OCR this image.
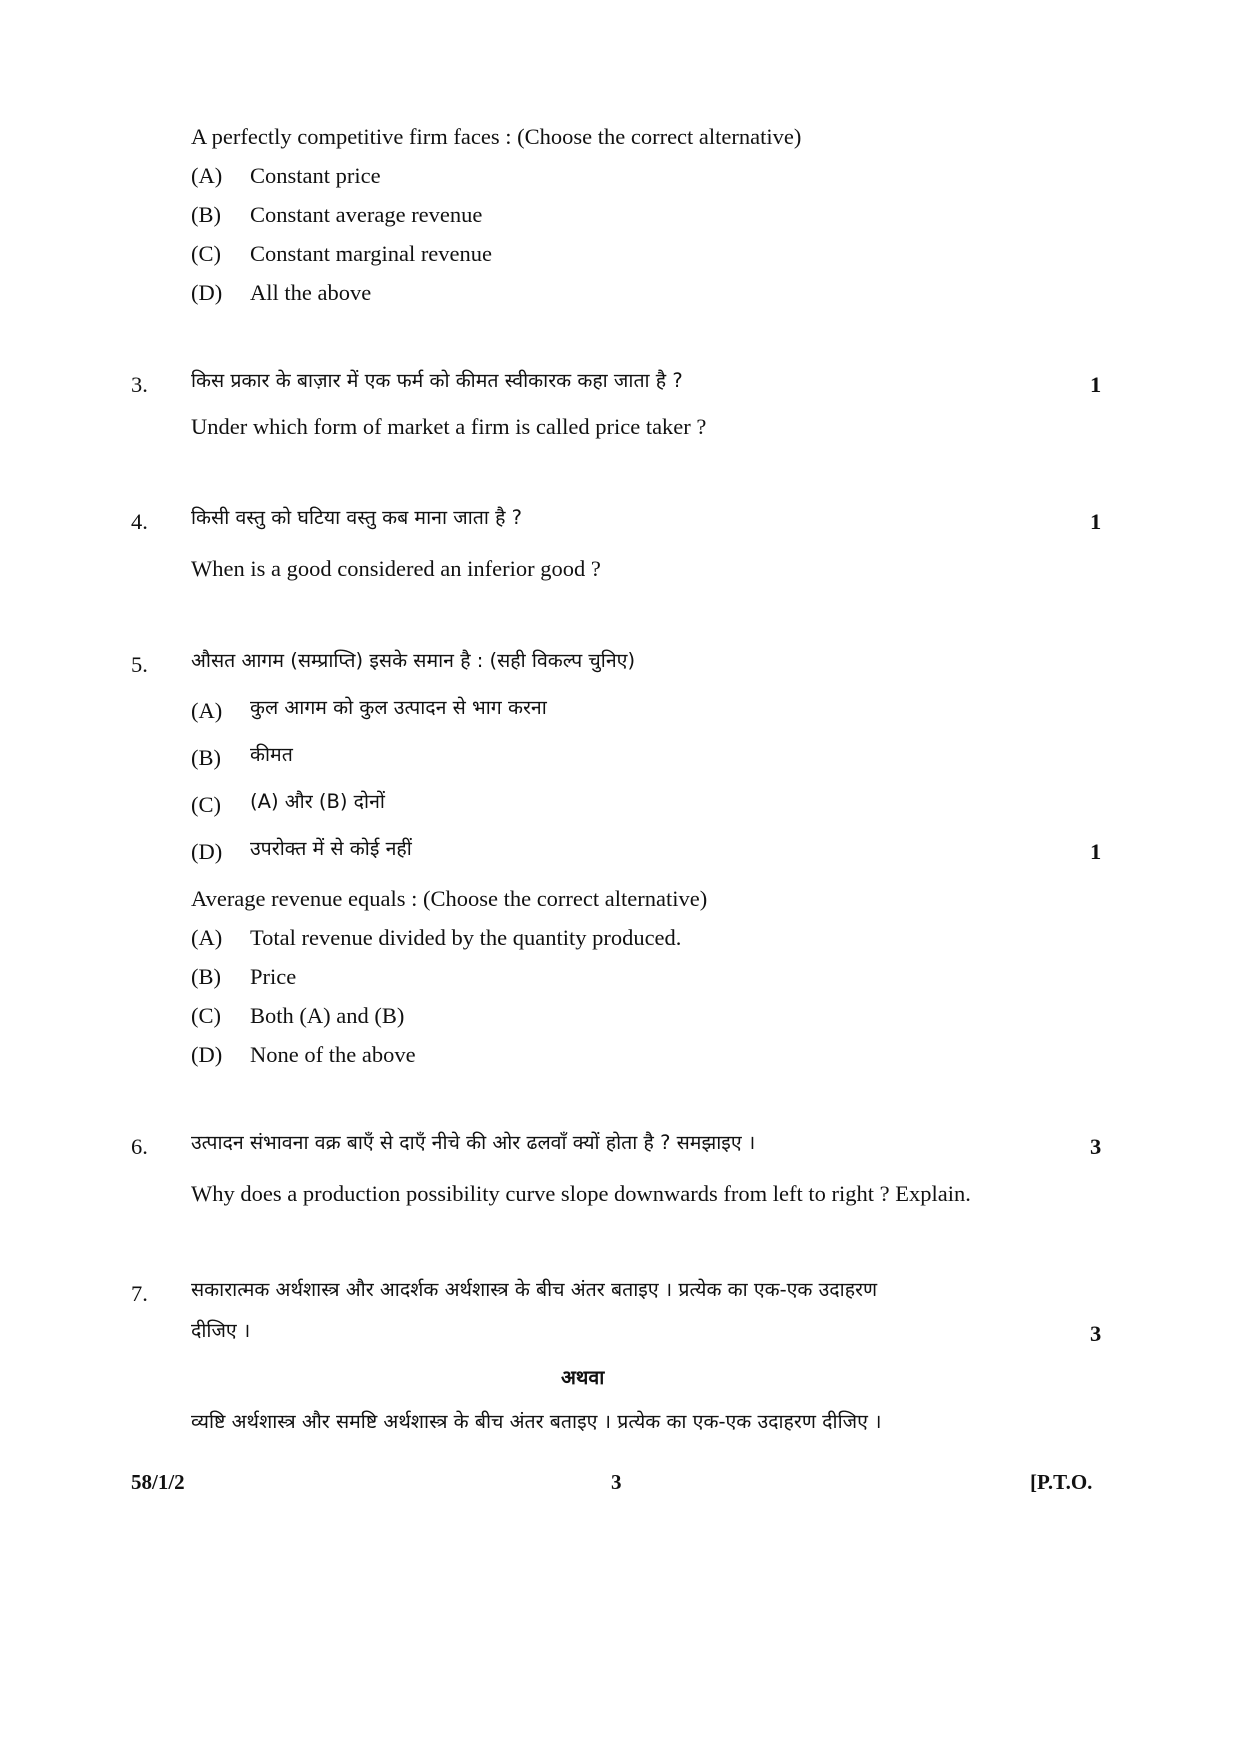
A perfectly competitive firm faces : (Choose the correct alternative)
(A) Constant price
(B) Constant average revenue
(C) Constant marginal revenue
(D) All the above
3. किस प्रकार के बाज़ार में एक फर्म को कीमत स्वीकारक कहा जाता है ?	1
Under which form of market a firm is called price taker ?
4. किसी वस्तु को घटिया वस्तु कब माना जाता है ?	1
When is a good considered an inferior good ?
5. औसत आगम (सम्प्राप्ति) इसके समान है : (सही विकल्प चुनिए)
(A) कुल आगम को कुल उत्पादन से भाग करना
(B) कीमत
(C) (A) और (B) दोनों
(D) उपरोक्त में से कोई नहीं	1
Average revenue equals : (Choose the correct alternative)
(A) Total revenue divided by the quantity produced.
(B) Price
(C) Both (A) and (B)
(D) None of the above
6. उत्पादन संभावना वक्र बाएँ से दाएँ नीचे की ओर ढलवाँ क्यों होता है ? समझाइए ।	3
Why does a production possibility curve slope downwards from left to right ? Explain.
7. सकारात्मक अर्थशास्त्र और आदर्शक अर्थशास्त्र के बीच अंतर बताइए । प्रत्येक का एक-एक उदाहरण
दीजिए ।	3
अथवा
व्यष्टि अर्थशास्त्र और समष्टि अर्थशास्त्र के बीच अंतर बताइए । प्रत्येक का एक-एक उदाहरण दीजिए ।
58/1/2	3	[P.T.O.
